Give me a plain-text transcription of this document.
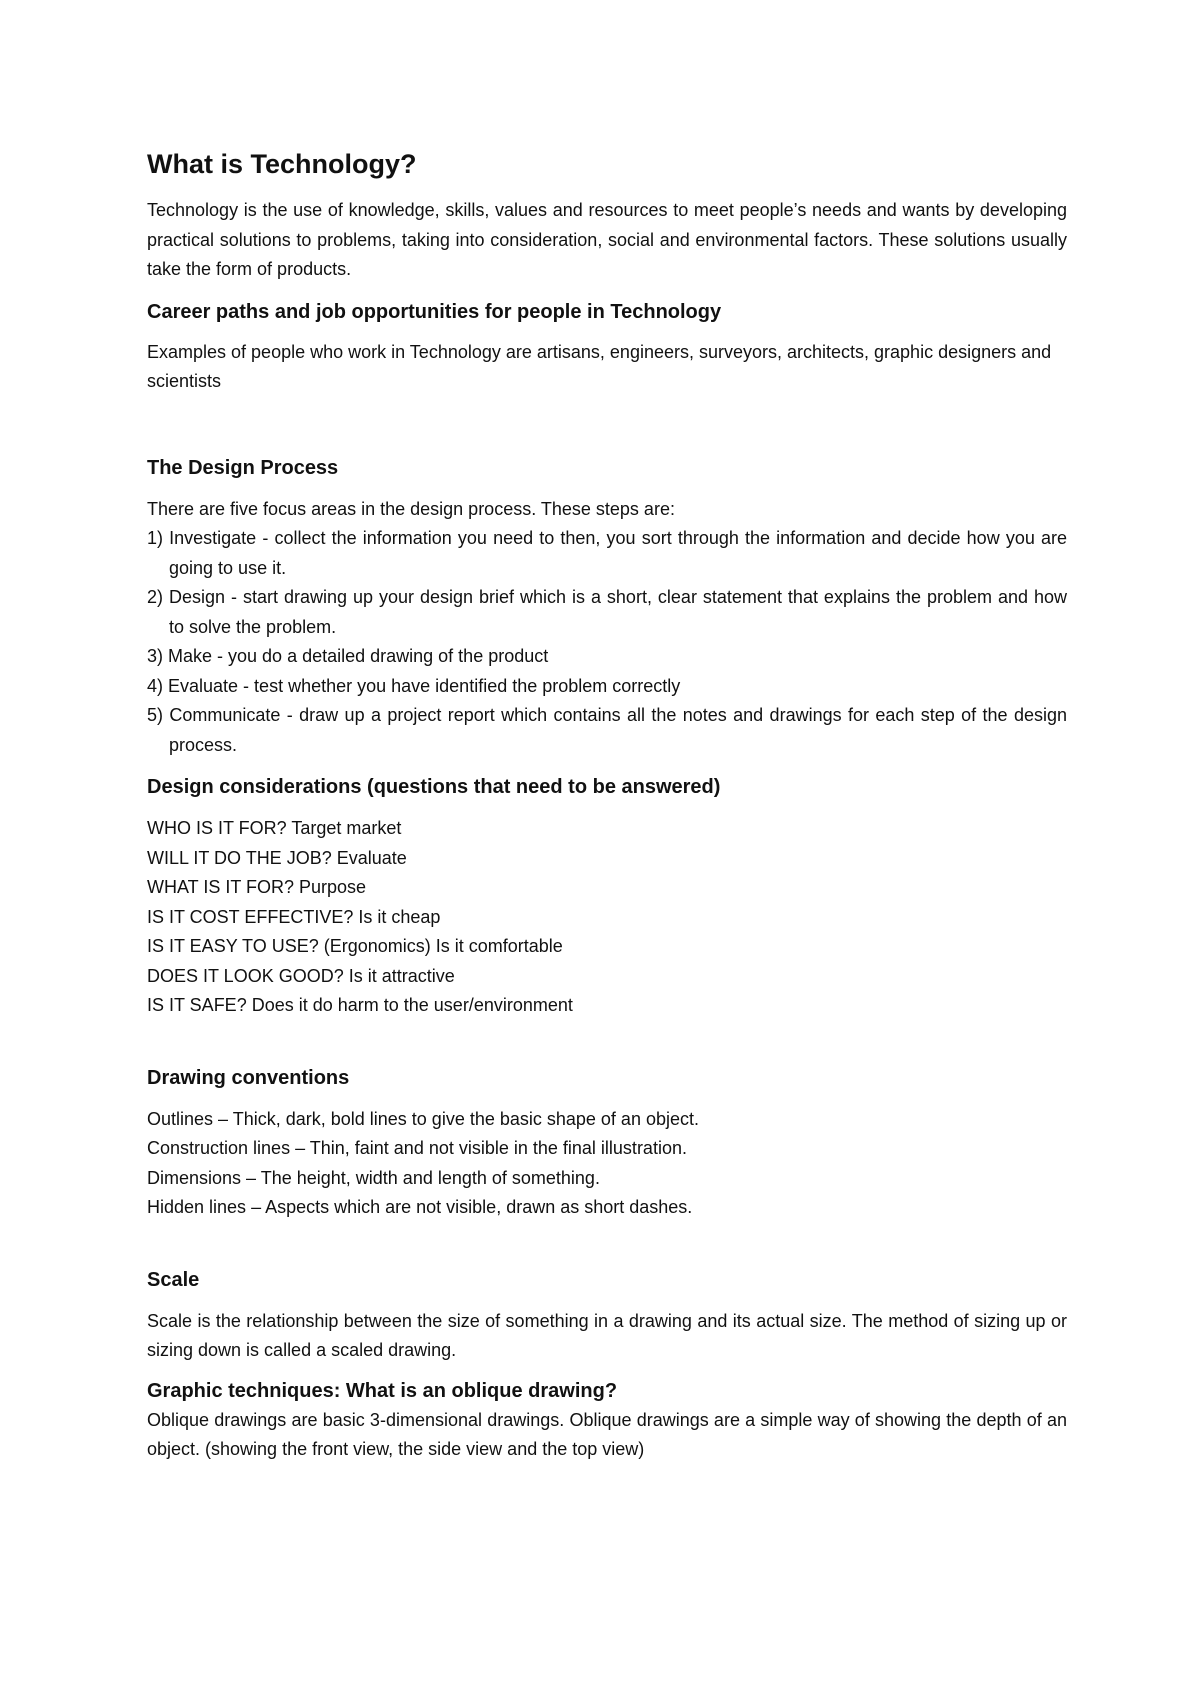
What is Technology?

Technology is the use of knowledge, skills, values and resources to meet people’s needs and wants by developing practical solutions to problems, taking into consideration, social and environmental factors. These solutions usually take the form of products.

Career paths and job opportunities for people in Technology

Examples of people who work in Technology are artisans, engineers, surveyors, architects, graphic designers and scientists

The Design Process

There are five focus areas in the design process. These steps are:

1) Investigate - collect the information you need to then, you sort through the information and decide how you are going to use it.
2) Design - start drawing up your design brief which is a short, clear statement that explains the problem and how to solve the problem.
3) Make - you do a detailed drawing of the product
4) Evaluate - test whether you have identified the problem correctly
5) Communicate - draw up a project report which contains all the notes and drawings for each step of the design process.
Design considerations (questions that need to be answered)
WHO IS IT FOR? Target market
WILL IT DO THE JOB? Evaluate
WHAT IS IT FOR? Purpose
IS IT COST EFFECTIVE? Is it cheap
IS IT EASY TO USE? (Ergonomics) Is it comfortable
DOES IT LOOK GOOD? Is it attractive
IS IT SAFE? Does it do harm to the user/environment
Drawing conventions
Outlines – Thick, dark, bold lines to give the basic shape of an object.
Construction lines – Thin, faint and not visible in the final illustration.
Dimensions – The height, width and length of something.
Hidden lines – Aspects which are not visible, drawn as short dashes.
Scale

Scale is the relationship between the size of something in a drawing and its actual size. The method of sizing up or sizing down is called a scaled drawing.

Graphic techniques: What is an oblique drawing?

Oblique drawings are basic 3-dimensional drawings. Oblique drawings are a simple way of showing the depth of an object. (showing the front view, the side view and the top view)
